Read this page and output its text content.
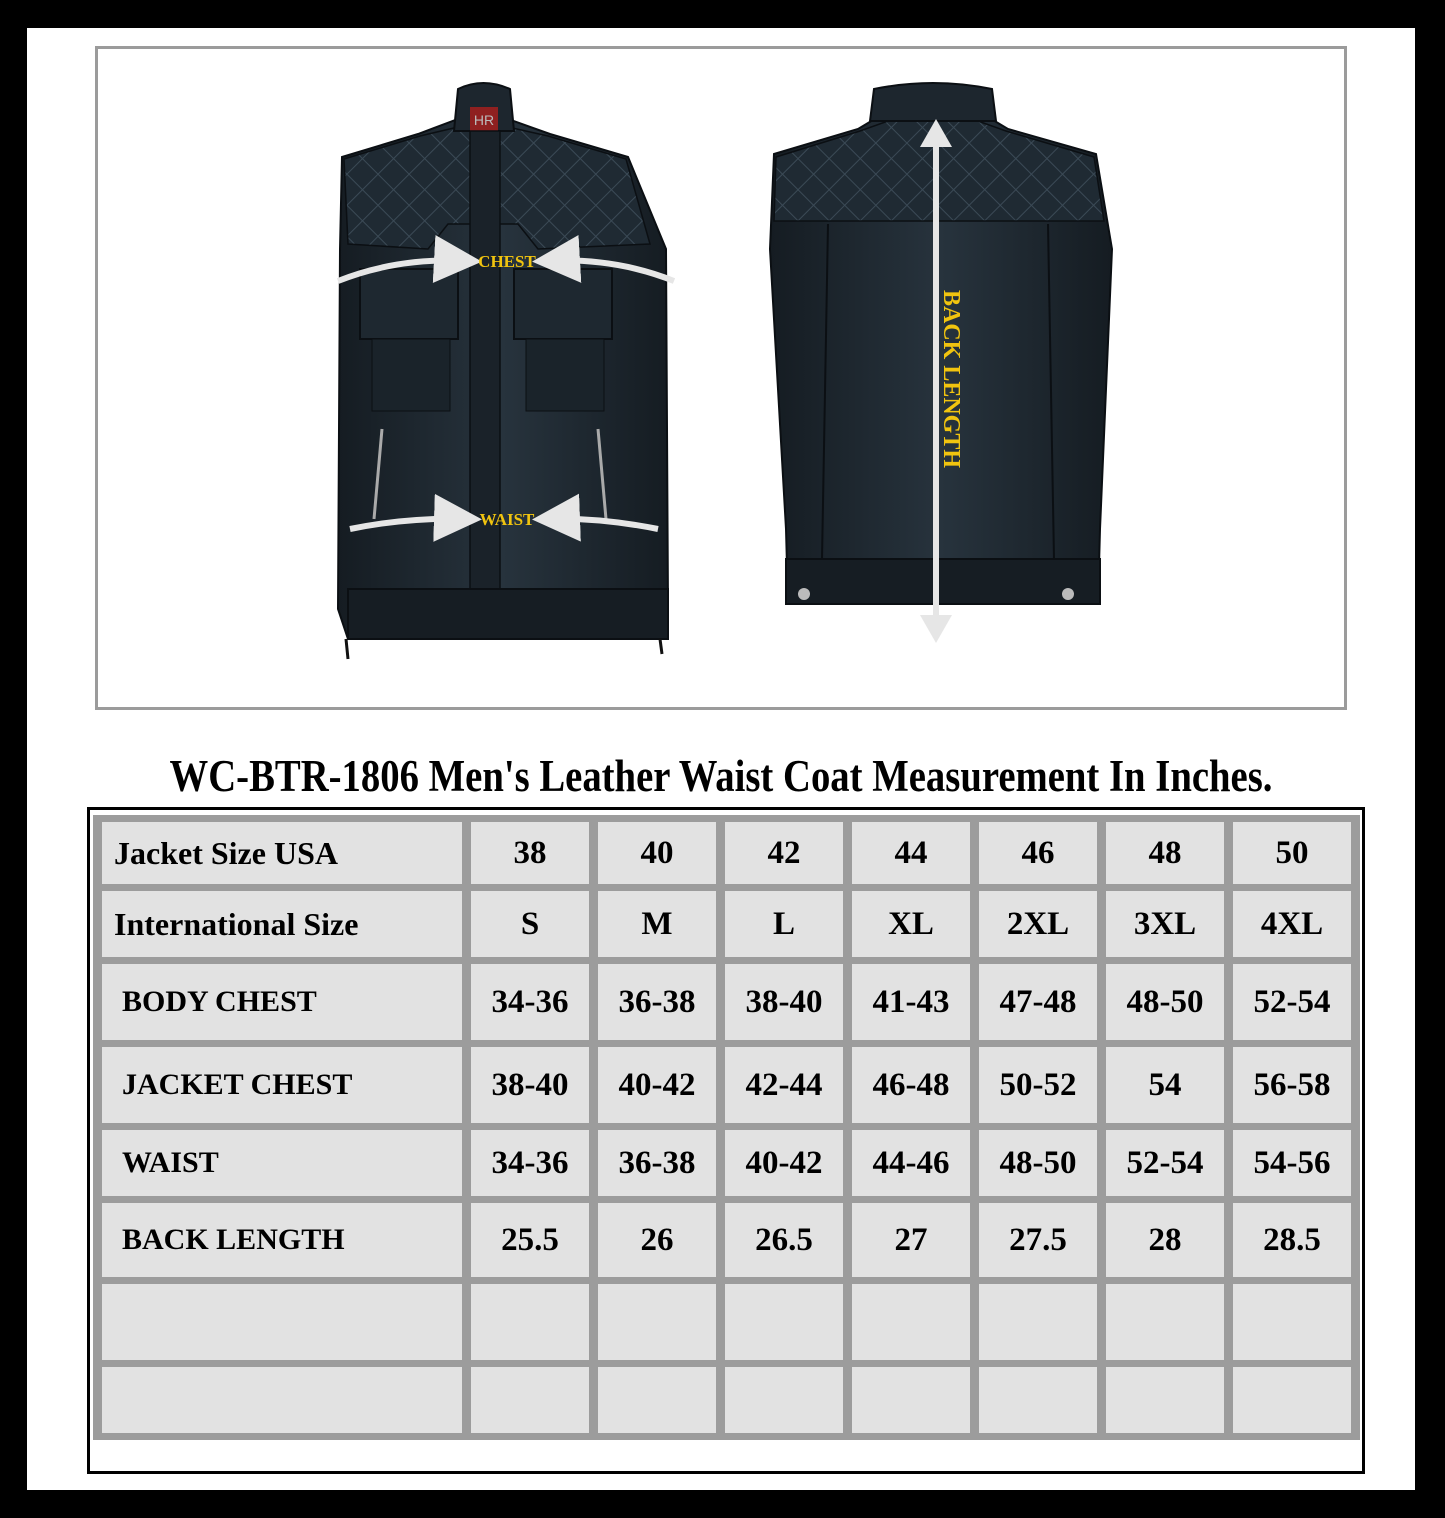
HR
CHEST
WAIST
BACK LENGTH
WC-BTR-1806 Men's Leather Waist Coat Measurement In Inches.
Jacket Size USA	38	40	42	44	46	48	50
International Size	S	M	L	XL	2XL	3XL	4XL
BODY CHEST	34-36	36-38	38-40	41-43	47-48	48-50	52-54
JACKET CHEST	38-40	40-42	42-44	46-48	50-52	54	56-58
WAIST	34-36	36-38	40-42	44-46	48-50	52-54	54-56
BACK LENGTH	25.5	26	26.5	27	27.5	28	28.5
